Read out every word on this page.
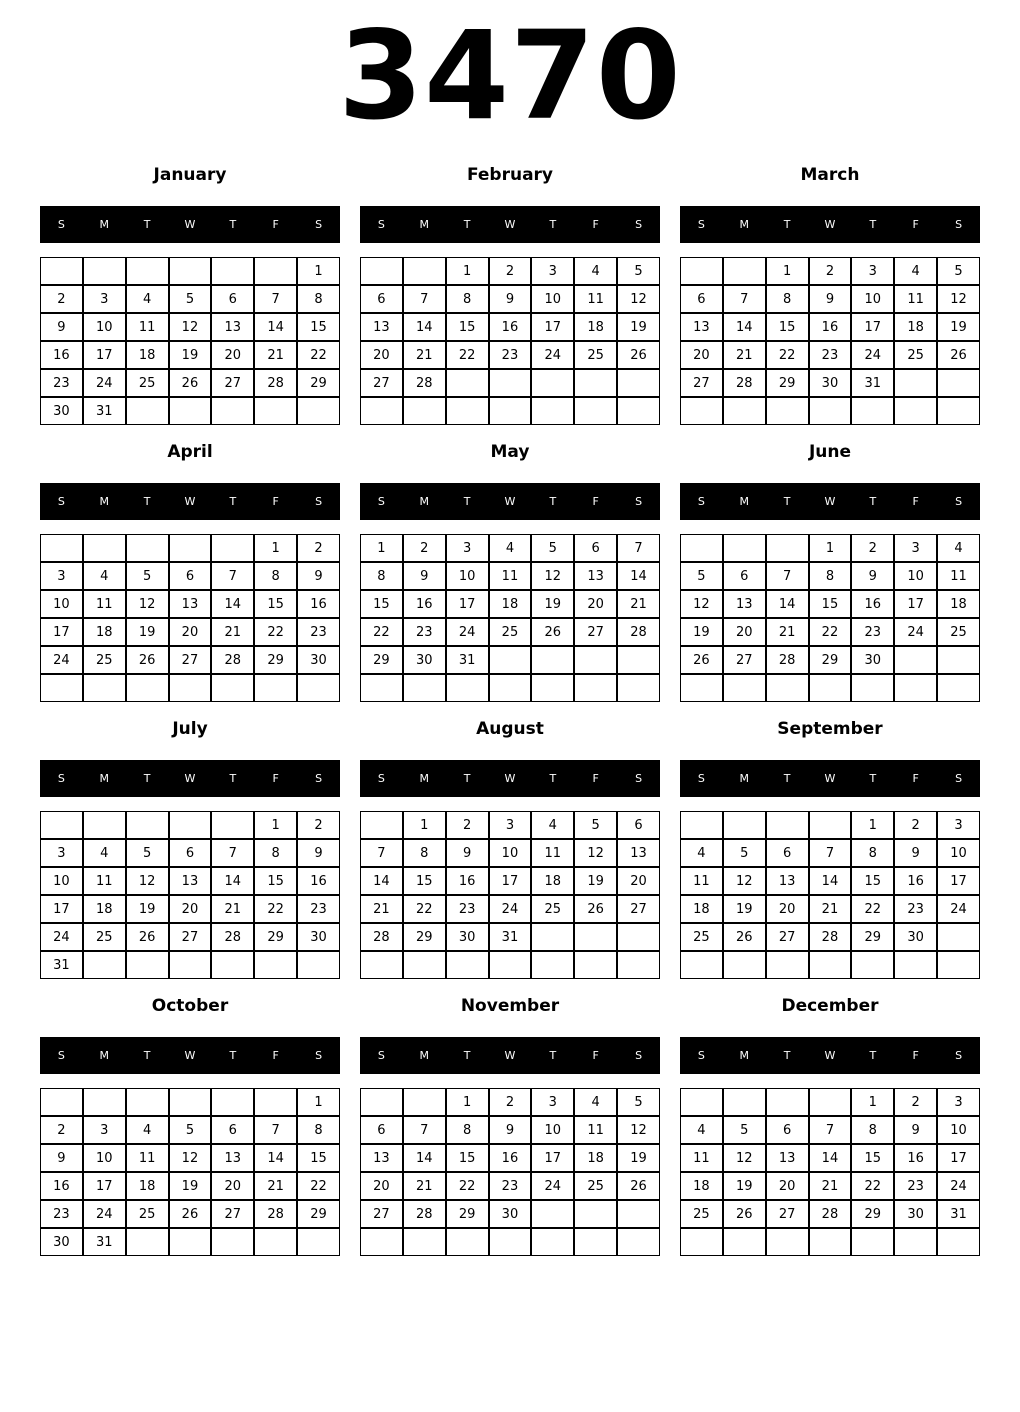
3470
January
S	M	T	W	T	F	S
						1
2	3	4	5	6	7	8
9	10	11	12	13	14	15
16	17	18	19	20	21	22
23	24	25	26	27	28	29
30	31					
February
S	M	T	W	T	F	S
		1	2	3	4	5
6	7	8	9	10	11	12
13	14	15	16	17	18	19
20	21	22	23	24	25	26
27	28					

March
S	M	T	W	T	F	S
		1	2	3	4	5
6	7	8	9	10	11	12
13	14	15	16	17	18	19
20	21	22	23	24	25	26
27	28	29	30	31		

April
S	M	T	W	T	F	S
					1	2
3	4	5	6	7	8	9
10	11	12	13	14	15	16
17	18	19	20	21	22	23
24	25	26	27	28	29	30

May
S	M	T	W	T	F	S
1	2	3	4	5	6	7
8	9	10	11	12	13	14
15	16	17	18	19	20	21
22	23	24	25	26	27	28
29	30	31				

June
S	M	T	W	T	F	S
			1	2	3	4
5	6	7	8	9	10	11
12	13	14	15	16	17	18
19	20	21	22	23	24	25
26	27	28	29	30		

July
S	M	T	W	T	F	S
					1	2
3	4	5	6	7	8	9
10	11	12	13	14	15	16
17	18	19	20	21	22	23
24	25	26	27	28	29	30
31						
August
S	M	T	W	T	F	S
	1	2	3	4	5	6
7	8	9	10	11	12	13
14	15	16	17	18	19	20
21	22	23	24	25	26	27
28	29	30	31			

September
S	M	T	W	T	F	S
				1	2	3
4	5	6	7	8	9	10
11	12	13	14	15	16	17
18	19	20	21	22	23	24
25	26	27	28	29	30	

October
S	M	T	W	T	F	S
						1
2	3	4	5	6	7	8
9	10	11	12	13	14	15
16	17	18	19	20	21	22
23	24	25	26	27	28	29
30	31					
November
S	M	T	W	T	F	S
		1	2	3	4	5
6	7	8	9	10	11	12
13	14	15	16	17	18	19
20	21	22	23	24	25	26
27	28	29	30			

December
S	M	T	W	T	F	S
				1	2	3
4	5	6	7	8	9	10
11	12	13	14	15	16	17
18	19	20	21	22	23	24
25	26	27	28	29	30	31
